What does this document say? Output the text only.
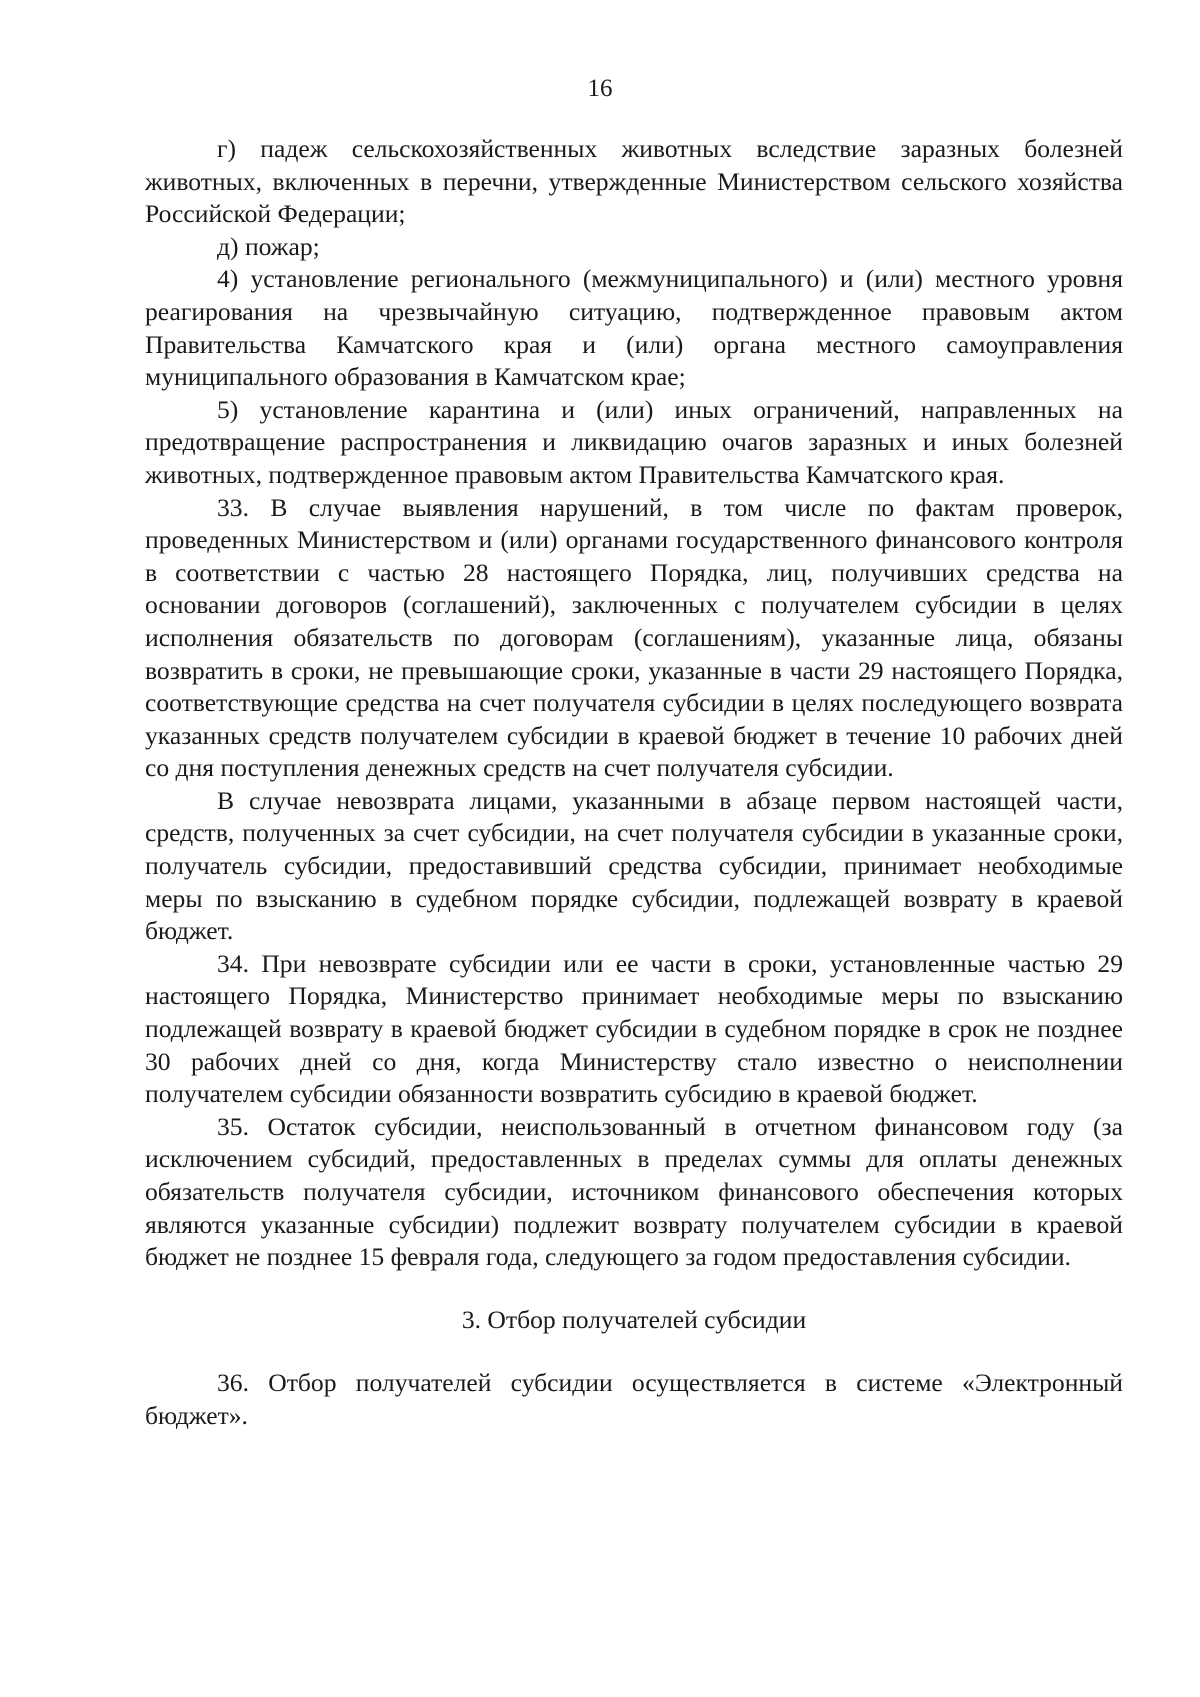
16

г) падеж сельскохозяйственных животных вследствие заразных болезней животных, включенных в перечни, утвержденные Министерством сельского хозяйства Российской Федерации;

д) пожар;

4) установление регионального (межмуниципального) и (или) местного уровня реагирования на чрезвычайную ситуацию, подтвержденное правовым актом Правительства Камчатского края и (или) органа местного самоуправления муниципального образования в Камчатском крае;

5) установление карантина и (или) иных ограничений, направленных на предотвращение распространения и ликвидацию очагов заразных и иных болезней животных, подтвержденное правовым актом Правительства Камчатского края.

33. В случае выявления нарушений, в том числе по фактам проверок, проведенных Министерством и (или) органами государственного финансового контроля в соответствии с частью 28 настоящего Порядка, лиц, получивших средства на основании договоров (соглашений), заключенных с получателем субсидии в целях исполнения обязательств по договорам (соглашениям), указанные лица, обязаны возвратить в сроки, не превышающие сроки, указанные в части 29 настоящего Порядка, соответствующие средства на счет получателя субсидии в целях последующего возврата указанных средств получателем субсидии в краевой бюджет в течение 10 рабочих дней со дня поступления денежных средств на счет получателя субсидии.

В случае невозврата лицами, указанными в абзаце первом настоящей части, средств, полученных за счет субсидии, на счет получателя субсидии в указанные сроки, получатель субсидии, предоставивший средства субсидии, принимает необходимые меры по взысканию в судебном порядке субсидии, подлежащей возврату в краевой бюджет.

34. При невозврате субсидии или ее части в сроки, установленные частью 29 настоящего Порядка, Министерство принимает необходимые меры по взысканию подлежащей возврату в краевой бюджет субсидии в судебном порядке в срок не позднее 30 рабочих дней со дня, когда Министерству стало известно о неисполнении получателем субсидии обязанности возвратить субсидию в краевой бюджет.

35. Остаток субсидии, неиспользованный в отчетном финансовом году (за исключением субсидий, предоставленных в пределах суммы для оплаты денежных обязательств получателя субсидии, источником финансового обеспечения которых являются указанные субсидии) подлежит возврату получателем субсидии в краевой бюджет не позднее 15 февраля года, следующего за годом предоставления субсидии.

3. Отбор получателей субсидии

36. Отбор получателей субсидии осуществляется в системе «Электронный бюджет».
